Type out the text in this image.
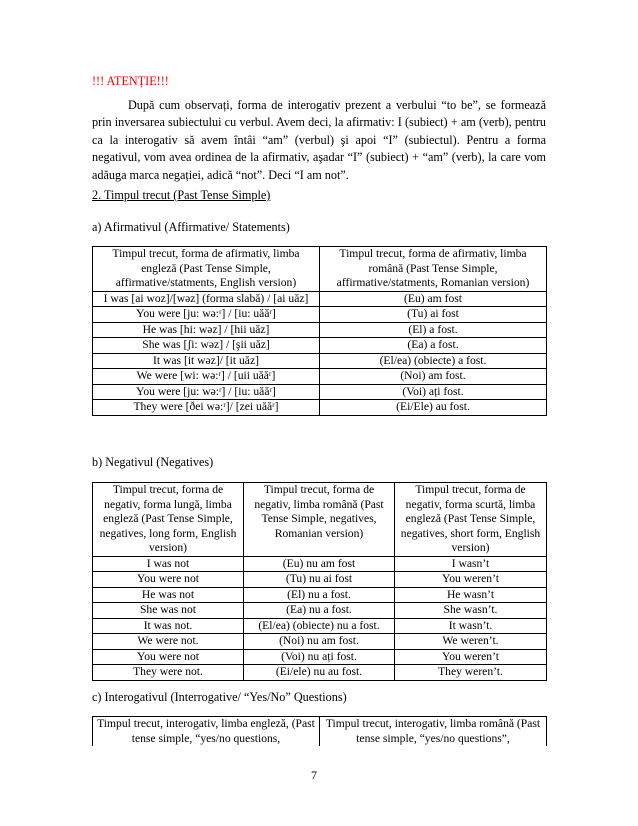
!!! ATENȚIE!!!
După cum observați, forma de interogativ prezent a verbului “to be”, se formează prin inversarea subiectului cu verbul. Avem deci, la afirmativ: I (subiect) + am (verb), pentru ca la interogativ să avem întâi “am” (verbul) şi apoi “I” (subiectul). Pentru a forma negativul, vom avea ordinea de la afirmativ, aşadar “I” (subiect) + “am” (verb), la care vom adăuga marca negației, adică “not”. Deci “I am not”.
2. Timpul trecut (Past Tense Simple)
a) Afirmativul (Affirmative/ Statements)
Timpul trecut, forma de afirmativ, limba engleză (Past Tense Simple, affirmative/statments, English version)	Timpul trecut, forma de afirmativ, limba română (Past Tense Simple, affirmative/statments, Romanian version)
I was [ai woz]/[wəz] (forma slabă) / [ai uăz]	(Eu) am fost
You were [ju: wə:ʳ] / [iu: uăăʳ]	(Tu) ai fost
He was [hi: wəz] / [hii uăz]	(El) a fost.
She was [ʃi: wəz] / [şii uăz]	(Ea) a fost.
It was [it wəz]/ [it uăz]	(El/ea) (obiecte) a fost.
We were [wi: wə:ʳ] / [uii uăăʳ]	(Noi) am fost.
You were [ju: wə:ʳ] / [iu: uăăʳ]	(Voi) ați fost.
They were [ðei wə:ʳ]/ [zei uăăʳ]	(Ei/Ele) au fost.
b) Negativul (Negatives)
Timpul trecut, forma de negativ, forma lungă, limba engleză (Past Tense Simple, negatives, long form, English version)	Timpul trecut, forma de negativ, limba română (Past Tense Simple, negatives, Romanian version)	Timpul trecut, forma de negativ, forma scurtă, limba engleză (Past Tense Simple, negatives, short form, English version)
I was not	(Eu) nu am fost	I wasn’t
You were not	(Tu) nu ai fost	You weren’t
He was not	(El) nu a fost.	He wasn’t
She was not	(Ea) nu a fost.	She wasn’t.
It was not.	(El/ea) (obiecte) nu a fost.	It wasn’t.
We were not.	(Noi) nu am fost.	We weren’t.
You were not	(Voi) nu ați fost.	You weren’t
They were not.	(Ei/ele) nu au fost.	They weren’t.
c) Interogativul (Interrogative/ “Yes/No” Questions)
Timpul trecut, interogativ, limba engleză, (Past tense simple, “yes/no questions,	Timpul trecut, interogativ, limba română (Past tense simple, “yes/no questions”,
7
